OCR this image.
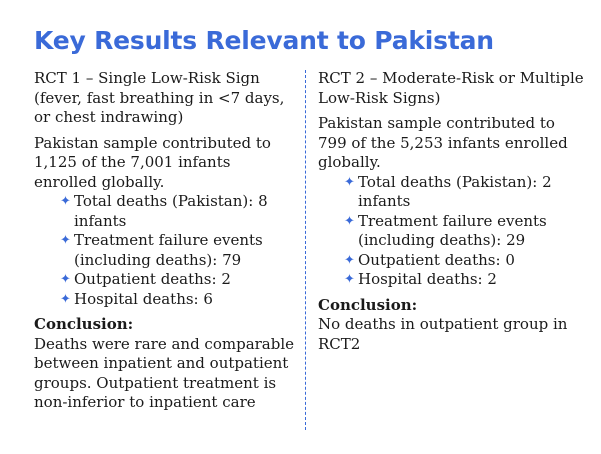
Key Results Relevant to Pakistan

RCT 1 – Single Low-Risk Sign (fever, fast breathing in <7 days, or chest indrawing)

Pakistan sample contributed to 1,125 of the 7,001 infants enrolled globally.

✦ Total deaths (Pakistan): 8 infants
✦ Treatment failure events (including deaths): 79
✦ Outpatient deaths: 2
✦ Hospital deaths: 6

Conclusion:

Deaths were rare and comparable between inpatient and outpatient groups. Outpatient treatment is non-inferior to inpatient care

RCT 2 – Moderate-Risk or Multiple Low-Risk Signs)

Pakistan sample contributed to 799 of the 5,253 infants enrolled globally.

✦ Total deaths (Pakistan): 2 infants
✦ Treatment failure events (including deaths): 29
✦ Outpatient deaths: 0
✦ Hospital deaths: 2

Conclusion:

No deaths in outpatient group in RCT2
